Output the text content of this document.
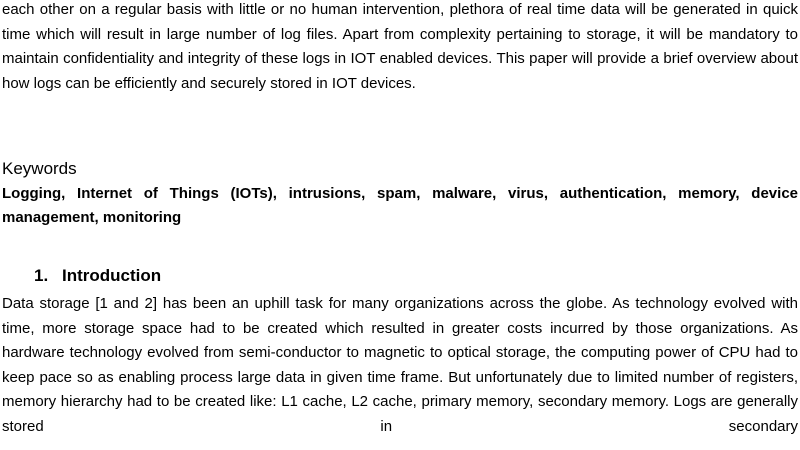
each other on a regular basis with little or no human intervention, plethora of real time data will be generated in quick time which will result in large number of log files. Apart from complexity pertaining to storage, it will be mandatory to maintain confidentiality and integrity of these logs in IOT enabled devices. This paper will provide a brief overview about how logs can be efficiently and securely stored in IOT devices.

Keywords

Logging, Internet of Things (IOTs), intrusions, spam, malware, virus, authentication, memory, device management, monitoring

1. Introduction

Data storage [1 and 2] has been an uphill task for many organizations across the globe. As technology evolved with time, more storage space had to be created which resulted in greater costs incurred by those organizations. As hardware technology evolved from semi-conductor to magnetic to optical storage, the computing power of CPU had to keep pace so as enabling process large data in given time frame. But unfortunately due to limited number of registers, memory hierarchy had to be created like: L1 cache, L2 cache, primary memory, secondary memory. Logs are generally stored in secondary
